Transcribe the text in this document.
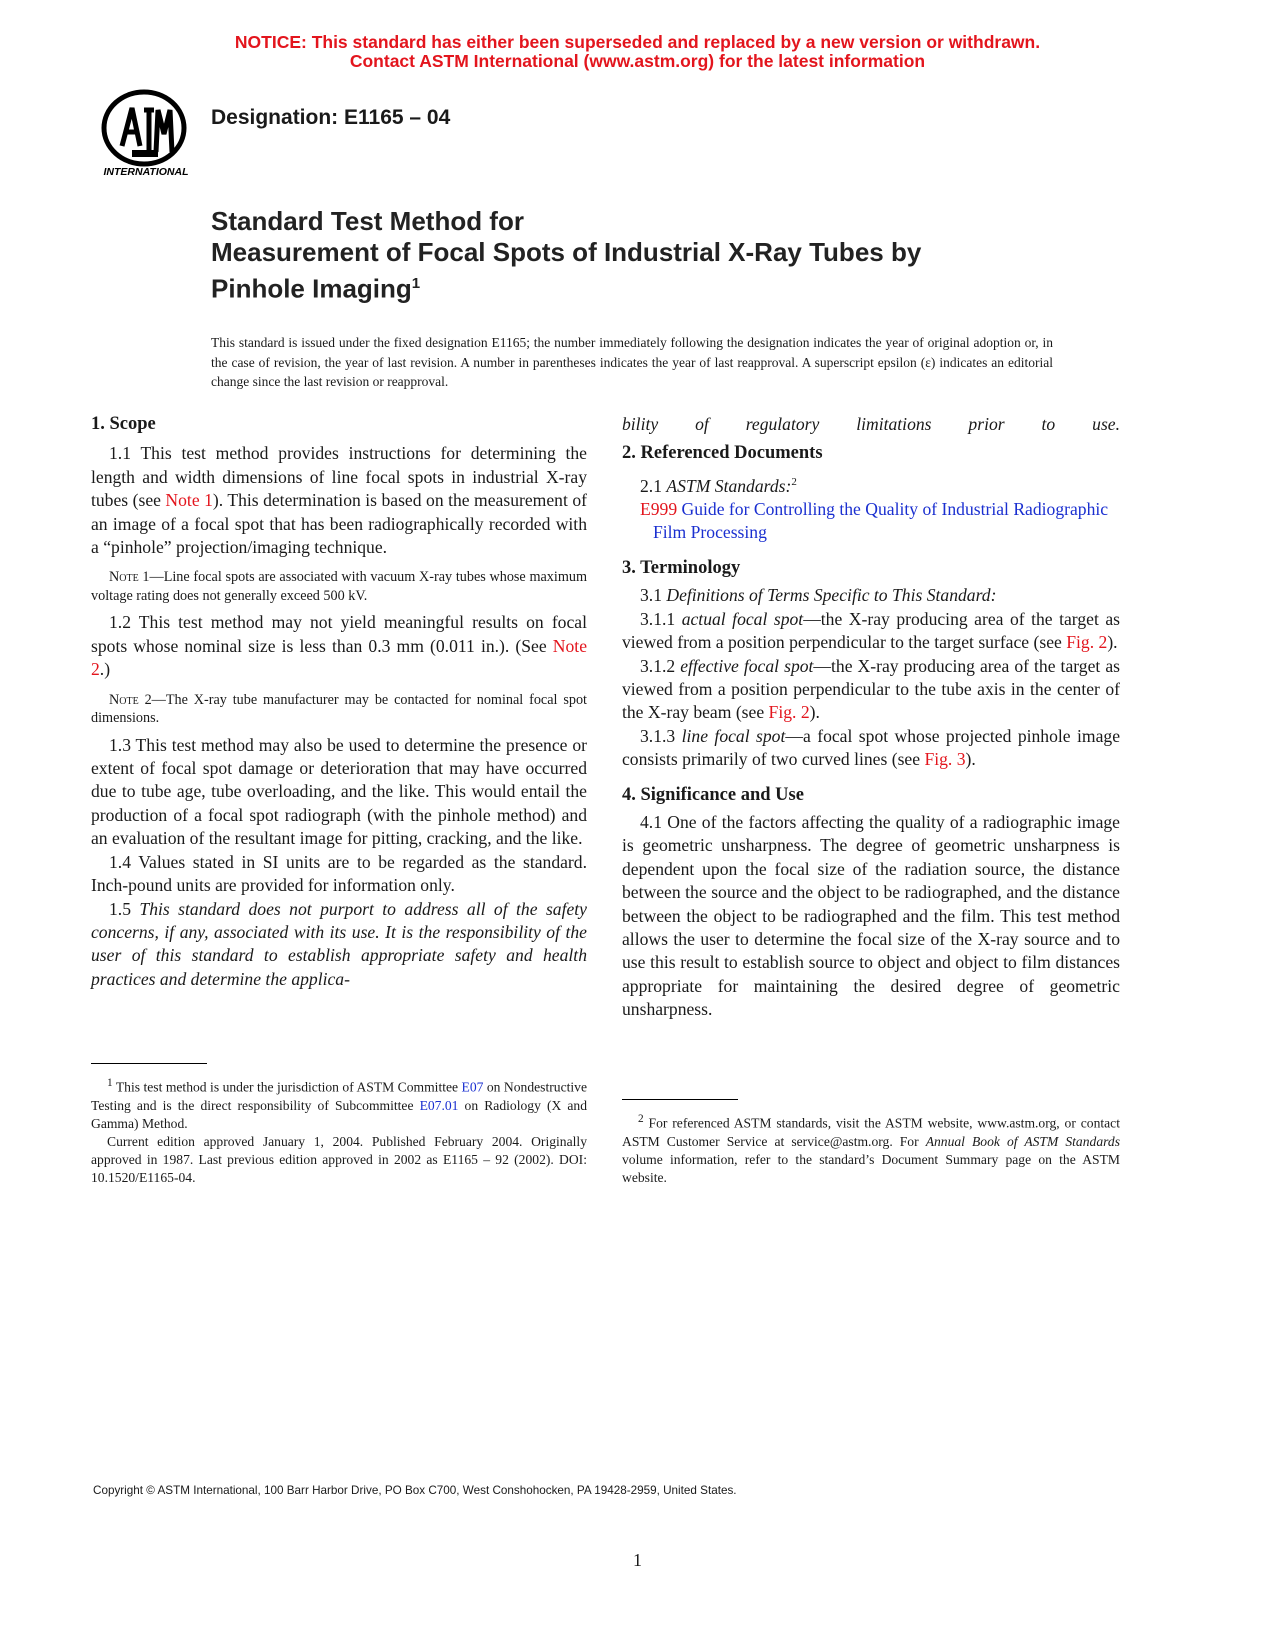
NOTICE: This standard has either been superseded and replaced by a new version or withdrawn.
Contact ASTM International (www.astm.org) for the latest information
INTERNATIONAL
Designation: E1165 – 04
Standard Test Method for
Measurement of Focal Spots of Industrial X-Ray Tubes by
Pinhole Imaging$^1$
This standard is issued under the fixed designation E1165; the number immediately following the designation indicates the year of original adoption or, in the case of revision, the year of last revision. A number in parentheses indicates the year of last reapproval. A superscript epsilon (ε) indicates an editorial change since the last revision or reapproval.

1. Scope

1.1 This test method provides instructions for determining the length and width dimensions of line focal spots in industrial X-ray tubes (see Note 1). This determination is based on the measurement of an image of a focal spot that has been radiographically recorded with a “pinhole” projection/imaging technique.

Note 1—Line focal spots are associated with vacuum X-ray tubes whose maximum voltage rating does not generally exceed 500 kV.

1.2 This test method may not yield meaningful results on focal spots whose nominal size is less than 0.3 mm (0.011 in.). (See Note 2.)

Note 2—The X-ray tube manufacturer may be contacted for nominal focal spot dimensions.

1.3 This test method may also be used to determine the presence or extent of focal spot damage or deterioration that may have occurred due to tube age, tube overloading, and the like. This would entail the production of a focal spot radiograph (with the pinhole method) and an evaluation of the resultant image for pitting, cracking, and the like.

1.4 Values stated in SI units are to be regarded as the standard. Inch-pound units are provided for information only.

1.5 This standard does not purport to address all of the safety concerns, if any, associated with its use. It is the responsibility of the user of this standard to establish appropriate safety and health practices and determine the applica-

$^1$ This test method is under the jurisdiction of ASTM Committee E07 on Nondestructive Testing and is the direct responsibility of Subcommittee E07.01 on Radiology (X and Gamma) Method.
Current edition approved January 1, 2004. Published February 2004. Originally approved in 1987. Last previous edition approved in 2002 as E1165 – 92 (2002). DOI: 10.1520/E1165-04.

bility of regulatory limitations prior to use.

2. Referenced Documents

2.1 ASTM Standards:$^2$

E999 Guide for Controlling the Quality of Industrial Radiographic Film Processing

3. Terminology

3.1 Definitions of Terms Specific to This Standard:

3.1.1 actual focal spot—the X-ray producing area of the target as viewed from a position perpendicular to the target surface (see Fig. 2).

3.1.2 effective focal spot—the X-ray producing area of the target as viewed from a position perpendicular to the tube axis in the center of the X-ray beam (see Fig. 2).

3.1.3 line focal spot—a focal spot whose projected pinhole image consists primarily of two curved lines (see Fig. 3).

4. Significance and Use

4.1 One of the factors affecting the quality of a radiographic image is geometric unsharpness. The degree of geometric unsharpness is dependent upon the focal size of the radiation source, the distance between the source and the object to be radiographed, and the distance between the object to be radiographed and the film. This test method allows the user to determine the focal size of the X-ray source and to use this result to establish source to object and object to film distances appropriate for maintaining the desired degree of geometric unsharpness.

$^2$ For referenced ASTM standards, visit the ASTM website, www.astm.org, or contact ASTM Customer Service at service@astm.org. For Annual Book of ASTM Standards volume information, refer to the standard’s Document Summary page on the ASTM website.
Copyright © ASTM International, 100 Barr Harbor Drive, PO Box C700, West Conshohocken, PA 19428-2959, United States.
1
